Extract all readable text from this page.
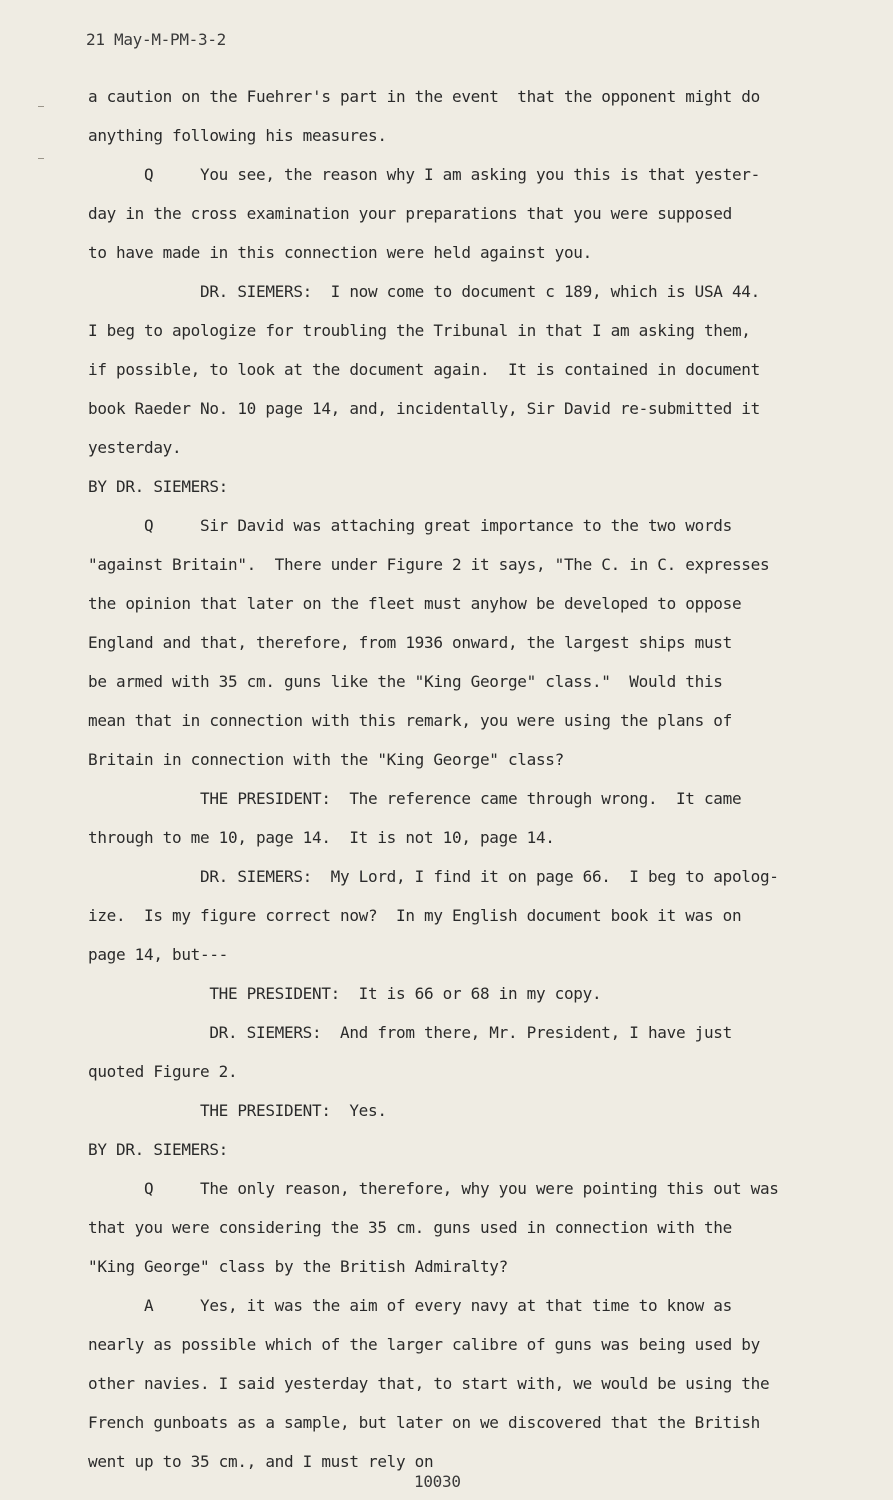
21 May-M-PM-3-2
a caution on the Fuehrer's part in the event  that the opponent might do
anything following his measures.
Q     You see, the reason why I am asking you this is that yester-
day in the cross examination your preparations that you were supposed
to have made in this connection were held against you.
DR. SIEMERS:  I now come to document c 189, which is USA 44.
I beg to apologize for troubling the Tribunal in that I am asking them,
if possible, to look at the document again.  It is contained in document
book Raeder No. 10 page 14, and, incidentally, Sir David re-submitted it
yesterday.
BY DR. SIEMERS:
Q     Sir David was attaching great importance to the two words
"against Britain".  There under Figure 2 it says, "The C. in C. expresses
the opinion that later on the fleet must anyhow be developed to oppose
England and that, therefore, from 1936 onward, the largest ships must
be armed with 35 cm. guns like the "King George" class."  Would this
mean that in connection with this remark, you were using the plans of
Britain in connection with the "King George" class?
THE PRESIDENT:  The reference came through wrong.  It came
through to me 10, page 14.  It is not 10, page 14.
DR. SIEMERS:  My Lord, I find it on page 66.  I beg to apolog-
ize.  Is my figure correct now?  In my English document book it was on
page 14, but---
THE PRESIDENT:  It is 66 or 68 in my copy.
DR. SIEMERS:  And from there, Mr. President, I have just
quoted Figure 2.
THE PRESIDENT:  Yes.
BY DR. SIEMERS:
Q     The only reason, therefore, why you were pointing this out was
that you were considering the 35 cm. guns used in connection with the
"King George" class by the British Admiralty?
A     Yes, it was the aim of every navy at that time to know as
nearly as possible which of the larger calibre of guns was being used by
other navies. I said yesterday that, to start with, we would be using the
French gunboats as a sample, but later on we discovered that the British
went up to 35 cm., and I must rely on
10030
